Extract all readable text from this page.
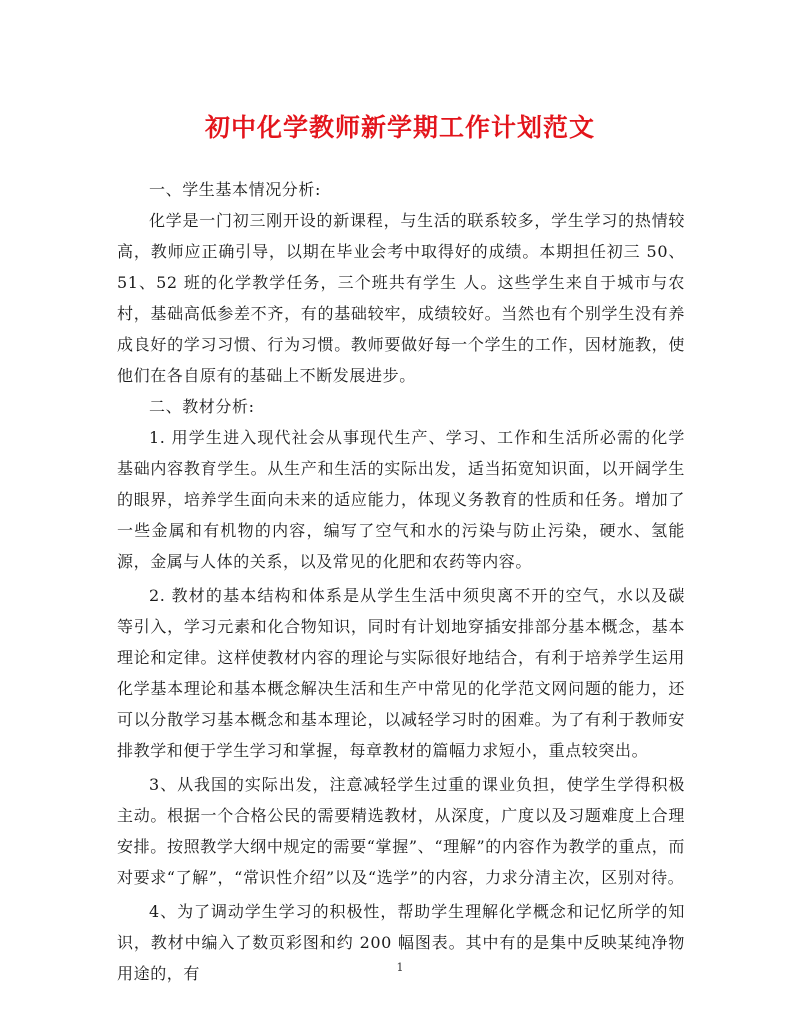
初中化学教师新学期工作计划范文

一、学生基本情况分析:

化学是一门初三刚开设的新课程，与生活的联系较多，学生学习的热情较高，教师应正确引导，以期在毕业会考中取得好的成绩。本期担任初三 50、51、52 班的化学教学任务，三个班共有学生 人。这些学生来自于城市与农村，基础高低参差不齐，有的基础较牢，成绩较好。当然也有个别学生没有养成良好的学习习惯、行为习惯。教师要做好每一个学生的工作，因材施教，使他们在各自原有的基础上不断发展进步。

二、教材分析:

1. 用学生进入现代社会从事现代生产、学习、工作和生活所必需的化学基础内容教育学生。从生产和生活的实际出发，适当拓宽知识面，以开阔学生的眼界，培养学生面向未来的适应能力，体现义务教育的性质和任务。增加了一些金属和有机物的内容，编写了空气和水的污染与防止污染，硬水、氢能源，金属与人体的关系，以及常见的化肥和农药等内容。

2. 教材的基本结构和体系是从学生生活中须臾离不开的空气，水以及碳等引入，学习元素和化合物知识，同时有计划地穿插安排部分基本概念，基本理论和定律。这样使教材内容的理论与实际很好地结合，有利于培养学生运用化学基本理论和基本概念解决生活和生产中常见的化学范文网问题的能力，还可以分散学习基本概念和基本理论，以减轻学习时的困难。为了有利于教师安排教学和便于学生学习和掌握，每章教材的篇幅力求短小，重点较突出。

3、从我国的实际出发，注意减轻学生过重的课业负担，使学生学得积极主动。根据一个合格公民的需要精选教材，从深度，广度以及习题难度上合理安排。按照教学大纲中规定的需要“掌握”、“理解”的内容作为教学的重点，而对要求“了解”，“常识性介绍”以及“选学”的内容，力求分清主次，区别对待。

4、为了调动学生学习的积极性，帮助学生理解化学概念和记忆所学的知识，教材中编入了数页彩图和约 200 幅图表。其中有的是集中反映某纯净物用途的，有	1
